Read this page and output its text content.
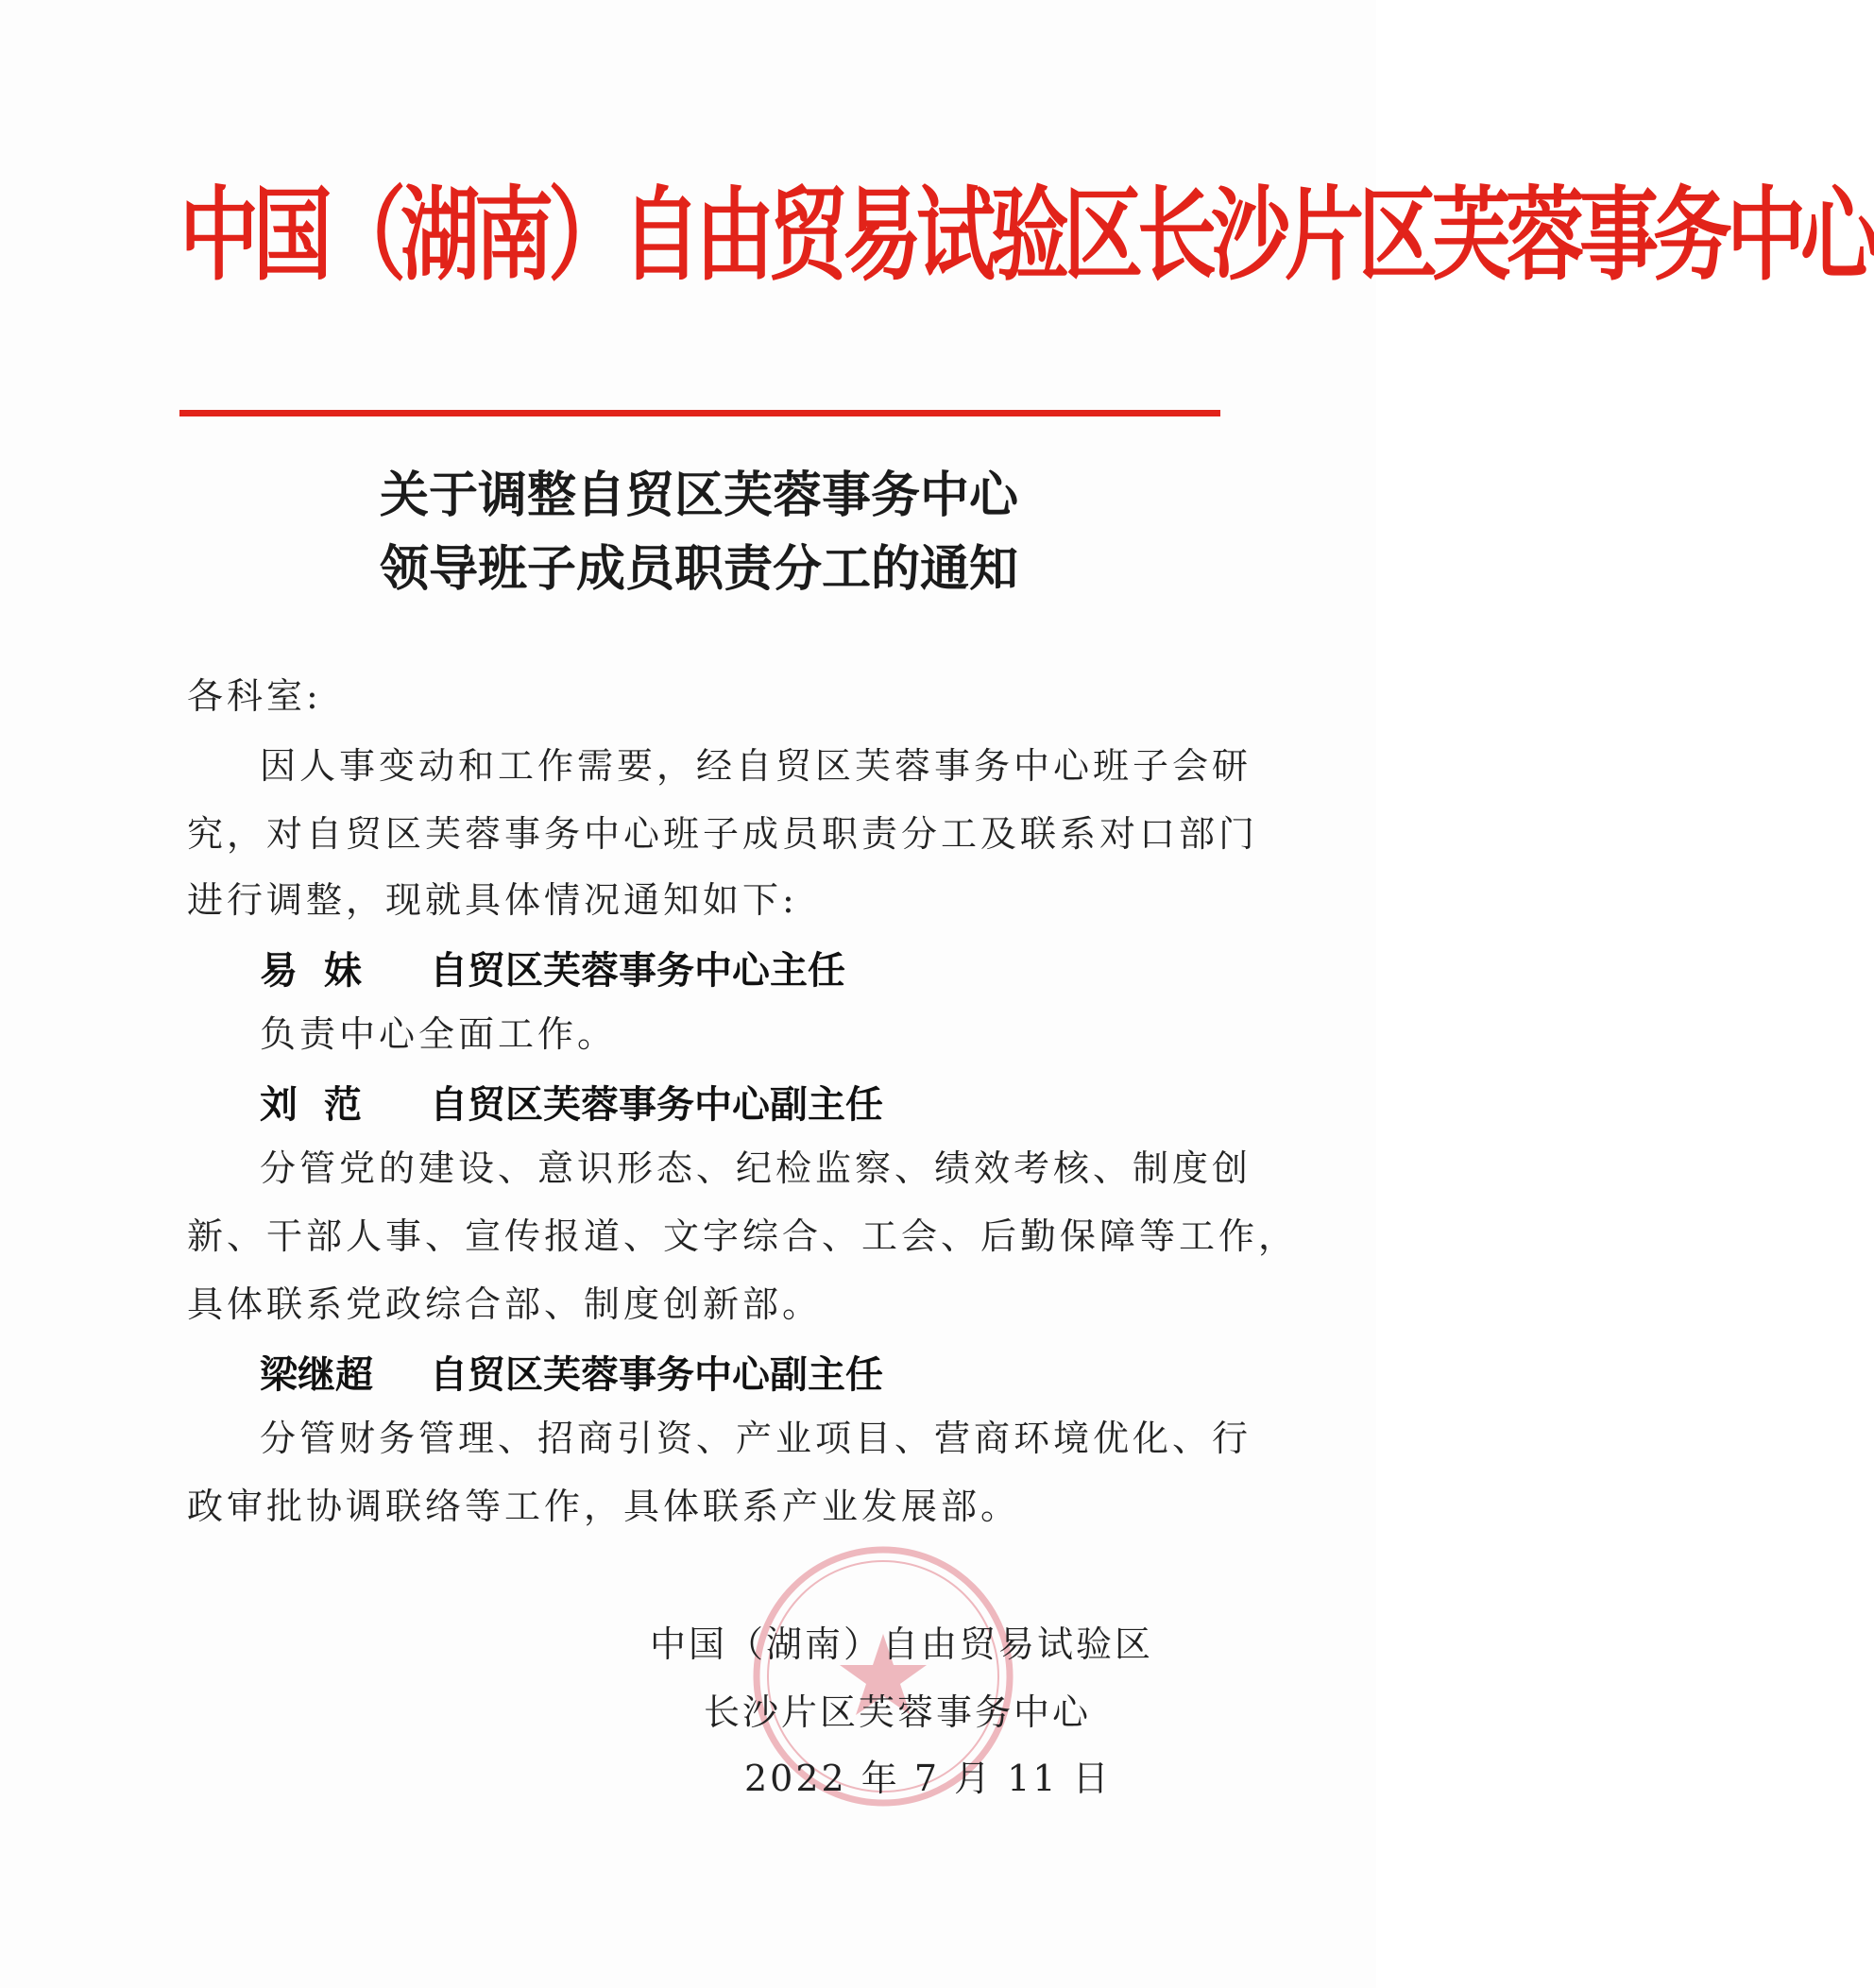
中国（湖南）自由贸易试验区长沙片区芙蓉事务中心
关于调整自贸区芙蓉事务中心
领导班子成员职责分工的通知
各科室:
因人事变动和工作需要，经自贸区芙蓉事务中心班子会研
究，对自贸区芙蓉事务中心班子成员职责分工及联系对口部门
进行调整，现就具体情况通知如下:
易  妹 自贸区芙蓉事务中心主任
负责中心全面工作。
刘  范 自贸区芙蓉事务中心副主任
分管党的建设、意识形态、纪检监察、绩效考核、制度创
新、干部人事、宣传报道、文字综合、工会、后勤保障等工作，
具体联系党政综合部、制度创新部。
梁继超 自贸区芙蓉事务中心副主任
分管财务管理、招商引资、产业项目、营商环境优化、行
政审批协调联络等工作，具体联系产业发展部。
中国（湖南）自由贸易试验区
长沙片区芙蓉事务中心
2022 年 7 月 11 日
